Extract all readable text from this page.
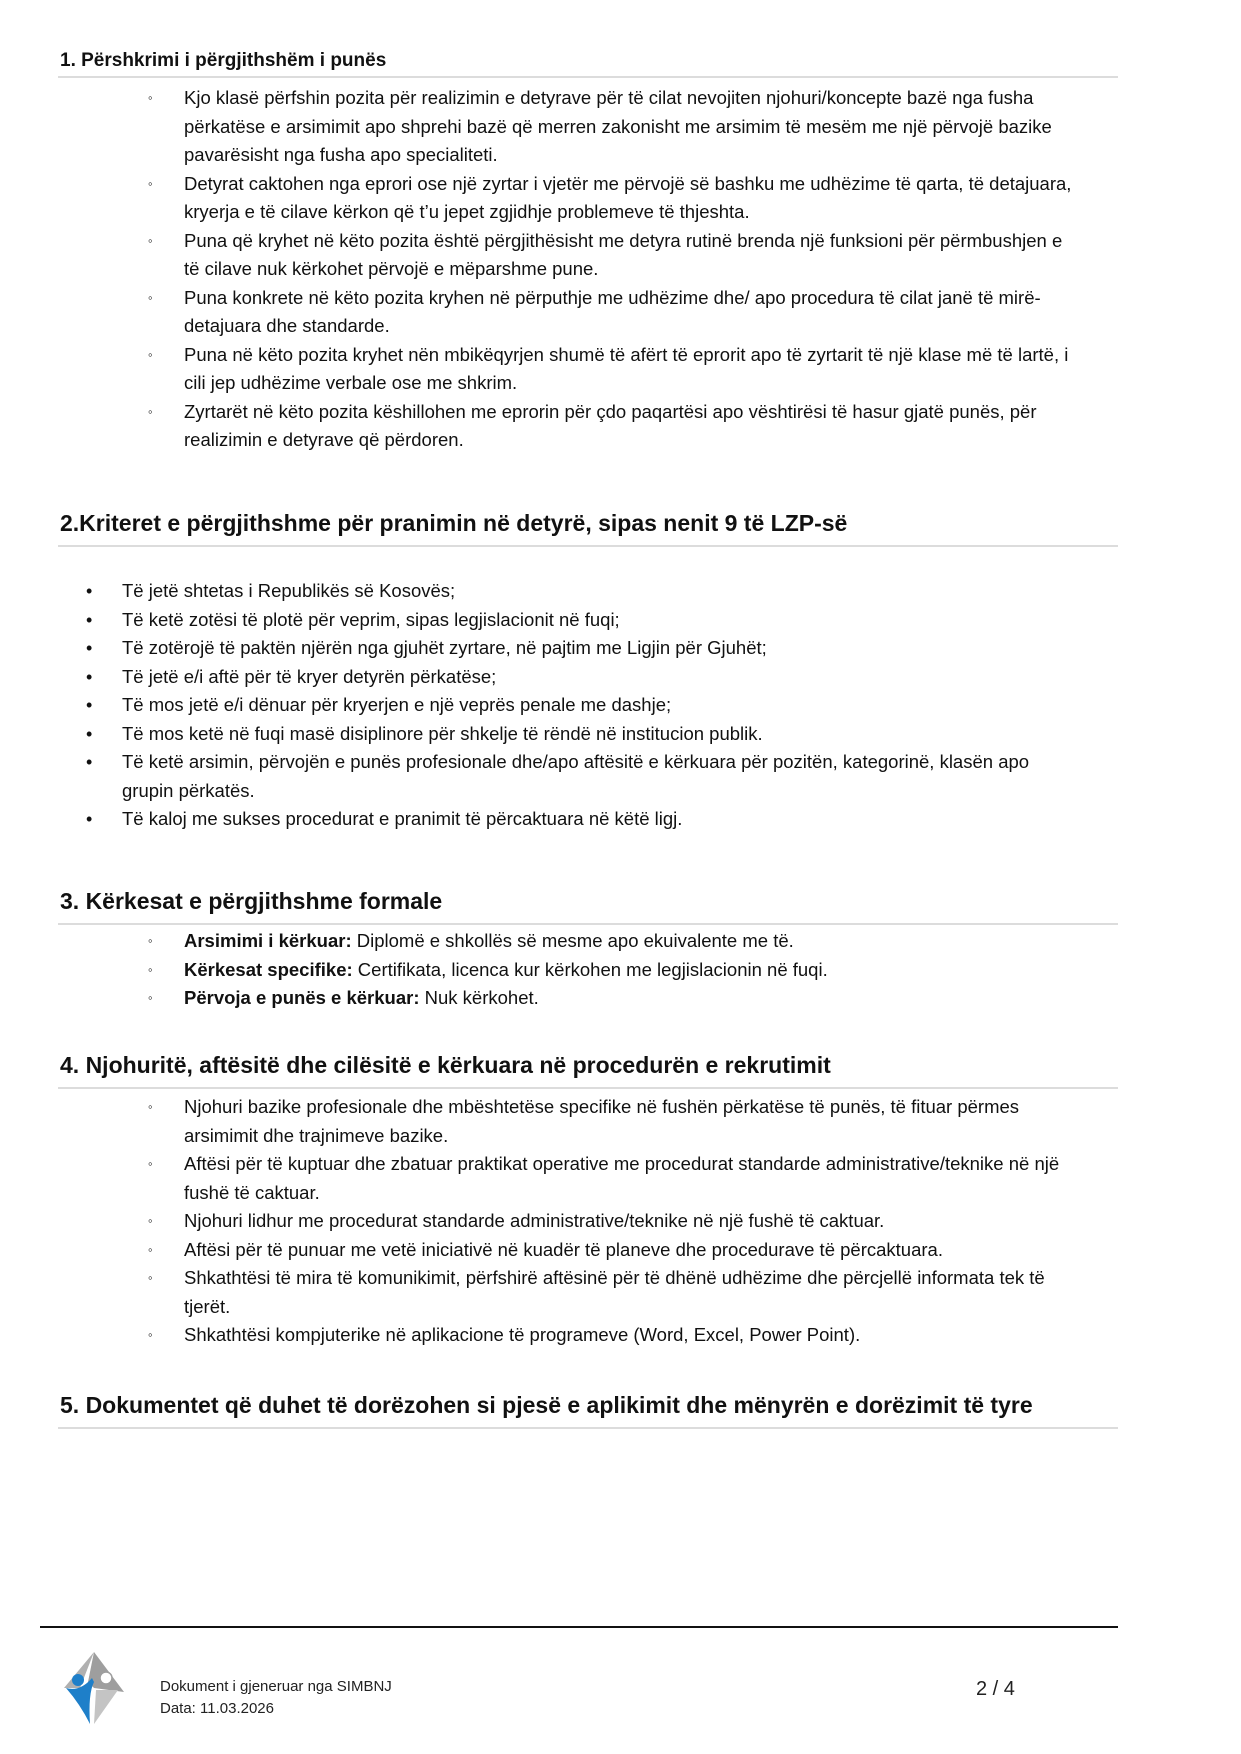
1. Përshkrimi i përgjithshëm i punës
◦ Kjo klasë përfshin pozita për realizimin e detyrave për të cilat nevojiten njohuri/koncepte bazë nga fusha përkatëse e arsimimit apo shprehi bazë që merren zakonisht me arsimim të mesëm me një përvojë bazike pavarësisht nga fusha apo specialiteti.
◦ Detyrat caktohen nga eprori ose një zyrtar i vjetër me përvojë së bashku me udhëzime të qarta, të detajuara, kryerja e të cilave kërkon që t’u jepet zgjidhje problemeve të thjeshta.
◦ Puna që kryhet në këto pozita është përgjithësisht me detyra rutinë brenda një funksioni për përmbushjen e të cilave nuk kërkohet përvojë e mëparshme pune.
◦ Puna konkrete në këto pozita kryhen në përputhje me udhëzime dhe/ apo procedura të cilat janë të mirë-detajuara dhe standarde.
◦ Puna në këto pozita kryhet nën mbikëqyrjen shumë të afërt të eprorit apo të zyrtarit të një klase më të lartë, i cili jep udhëzime verbale ose me shkrim.
◦ Zyrtarët në këto pozita këshillohen me eprorin për çdo paqartësi apo vështirësi të hasur gjatë punës, për realizimin e detyrave që përdoren.
2.Kriteret e përgjithshme për pranimin në detyrë, sipas nenit 9 të LZP-së
• Të jetë shtetas i Republikës së Kosovës;
• Të ketë zotësi të plotë për veprim, sipas legjislacionit në fuqi;
• Të zotërojë të paktën njërën nga gjuhët zyrtare, në pajtim me Ligjin për Gjuhët;
• Të jetë e/i aftë për të kryer detyrën përkatëse;
• Të mos jetë e/i dënuar për kryerjen e një veprës penale me dashje;
• Të mos ketë në fuqi masë disiplinore për shkelje të rëndë në institucion publik.
• Të ketë arsimin, përvojën e punës profesionale dhe/apo aftësitë e kërkuara për pozitën, kategorinë, klasën apo grupin përkatës.
• Të kaloj me sukses procedurat e pranimit të përcaktuara në këtë ligj.
3. Kërkesat e përgjithshme formale
◦ Arsimimi i kërkuar: Diplomë e shkollës së mesme apo ekuivalente me të.
◦ Kërkesat specifike: Certifikata, licenca kur kërkohen me legjislacionin në fuqi.
◦ Përvoja e punës e kërkuar: Nuk kërkohet.
4. Njohuritë, aftësitë dhe cilësitë e kërkuara në procedurën e rekrutimit
◦ Njohuri bazike profesionale dhe mbështetëse specifike në fushën përkatëse të punës, të fituar përmes arsimimit dhe trajnimeve bazike.
◦ Aftësi për të kuptuar dhe zbatuar praktikat operative me procedurat standarde administrative/teknike në një fushë të caktuar.
◦ Njohuri lidhur me procedurat standarde administrative/teknike në një fushë të caktuar.
◦ Aftësi për të punuar me vetë iniciativë në kuadër të planeve dhe procedurave të përcaktuara.
◦ Shkathtësi të mira të komunikimit, përfshirë aftësinë për të dhënë udhëzime dhe përcjellë informata tek të tjerët.
◦ Shkathtësi kompjuterike në aplikacione të programeve (Word, Excel, Power Point).
5. Dokumentet që duhet të dorëzohen si pjesë e aplikimit dhe mënyrën e dorëzimit të tyre
Dokument i gjeneruar nga SIMBNJ
Data: 11.03.2026
2 / 4
